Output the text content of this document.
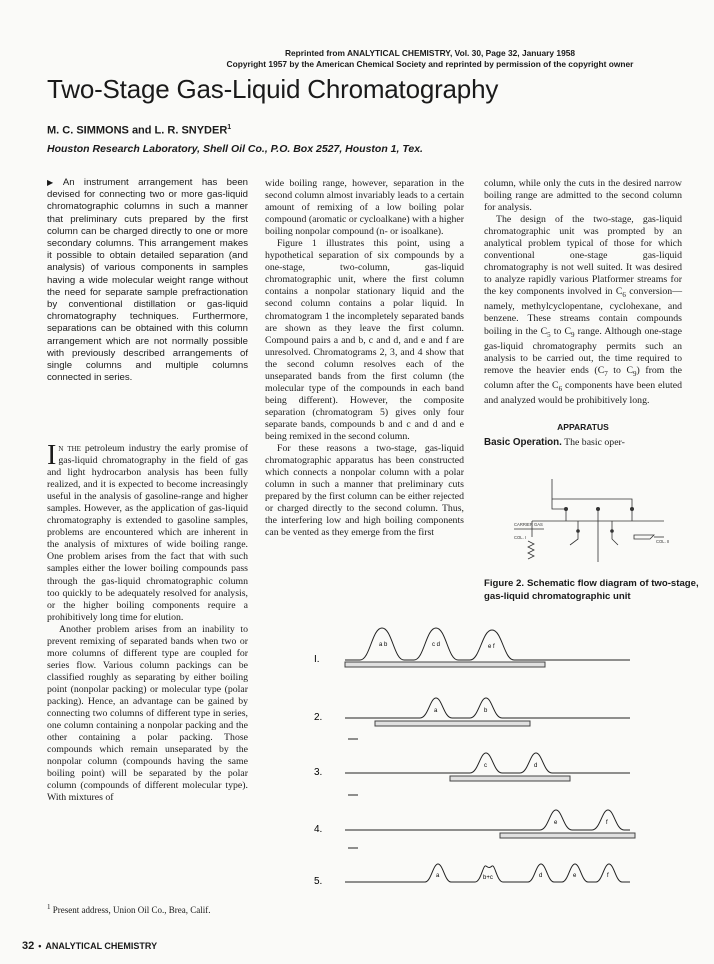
Reprinted from ANALYTICAL CHEMISTRY, Vol. 30, Page 32, January 1958
Copyright 1957 by the American Chemical Society and reprinted by permission of the copyright owner
Two-Stage Gas-Liquid Chromatography
M. C. SIMMONS and L. R. SNYDER$^1$
Houston Research Laboratory, Shell Oil Co., P.O. Box 2527, Houston 1, Tex.
▶ An instrument arrangement has been devised for connecting two or more gas-liquid chromatographic columns in such a manner that preliminary cuts prepared by the first column can be charged directly to one or more secondary columns. This arrangement makes it possible to obtain detailed separation (and analysis) of various components in samples having a wide molecular weight range without the need for separate sample prefractionation by conventional distillation or gas-liquid chromatography techniques. Furthermore, separations can be obtained with this column arrangement which are not normally possible with previously described arrangements of single columns and multiple columns connected in series.

In the petroleum industry the early promise of gas-liquid chromatography in the field of gas and light hydrocarbon analysis has been fully realized, and it is expected to become increasingly useful in the analysis of gasoline-range and higher samples. However, as the application of gas-liquid chromatography is extended to gasoline samples, problems are encountered which are inherent in the analysis of mixtures of wide boiling range. One problem arises from the fact that with such samples either the lower boiling compounds pass through the gas-liquid chromatographic column too quickly to be adequately resolved for analysis, or the higher boiling components require a prohibitively long time for elution.

Another problem arises from an inability to prevent remixing of separated bands when two or more columns of different type are coupled for series flow. Various column packings can be classified roughly as separating by either boiling point (nonpolar packing) or molecular type (polar packing). Hence, an advantage can be gained by connecting two columns of different type in series, one column containing a nonpolar packing and the other containing a polar packing. Those compounds which remain unseparated by the nonpolar column (compounds having the same boiling point) will be separated by the polar column (compounds of different molecular type). With mixtures of

wide boiling range, however, separation in the second column almost invariably leads to a certain amount of remixing of a low boiling polar compound (aromatic or cycloalkane) with a higher boiling nonpolar compound (n- or isoalkane).

Figure 1 illustrates this point, using a hypothetical separation of six compounds by a one-stage, two-column, gas-liquid chromatographic unit, where the first column contains a nonpolar stationary liquid and the second column contains a polar liquid. In chromatogram 1 the incompletely separated bands are shown as they leave the first column. Compound pairs a and b, c and d, and e and f are unresolved. Chromatograms 2, 3, and 4 show that the second column resolves each of the unseparated bands from the first column (the molecular type of the compounds in each band being different). However, the composite separation (chromatogram 5) gives only four separate bands, compounds b and c and d and e being remixed in the second column.

For these reasons a two-stage, gas-liquid chromatographic apparatus has been constructed which connects a nonpolar column with a polar column in such a manner that preliminary cuts prepared by the first column can be either rejected or charged directly to the second column. Thus, the interfering low and high boiling components can be vented as they emerge from the first

column, while only the cuts in the desired narrow boiling range are admitted to the second column for analysis.

The design of the two-stage, gas-liquid chromatographic unit was prompted by an analytical problem typical of those for which conventional one-stage gas-liquid chromatography is not well suited. It was desired to analyze rapidly various Platformer streams for the key components involved in $C_6$ conversion—namely, methylcyclopentane, cyclohexane, and benzene. These streams contain compounds boiling in the $C_5$ to $C_9$ range. Although one-stage gas-liquid chromatography permits such an analysis to be carried out, the time required to remove the heavier ends ($C_7$ to $C_9$) from the column after the $C_6$ components have been eluted and analyzed would be prohibitively long.

APPARATUS

Basic Operation. The basic oper-

CARRIER GAS
COL. I
COL. II
Figure 2. Schematic flow diagram of two-stage, gas-liquid chromatographic unit
I.
a b	c d	e f
2.
a	b
3.
c	d
4.
e	f
5.	a	b+c	d	e	f
$^1$ Present address, Union Oil Co., Brea, Calif.
32 • ANALYTICAL CHEMISTRY
